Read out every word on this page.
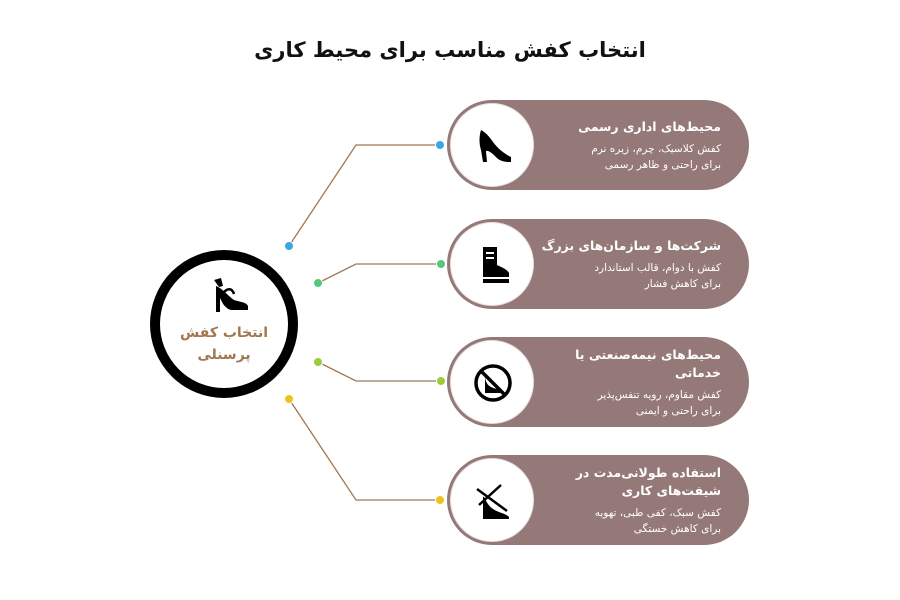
انتخاب کفش مناسب برای محیط کاری
انتخاب کفش
پرسنلی
محیط‌های اداری رسمی
کفش کلاسیک، چرم، زیره نرم
برای راحتی و ظاهر رسمی
شرکت‌ها و سازمان‌های بزرگ
کفش با دوام، قالب استاندارد
برای کاهش فشار
محیط‌های نیمه‌صنعتی یا خدماتی
کفش مقاوم، رویه تنفس‌پذیر
برای راحتی و ایمنی
استفاده طولانی‌مدت در شیفت‌های کاری
کفش سبک، کفی طبی، تهویه
برای کاهش خستگی
